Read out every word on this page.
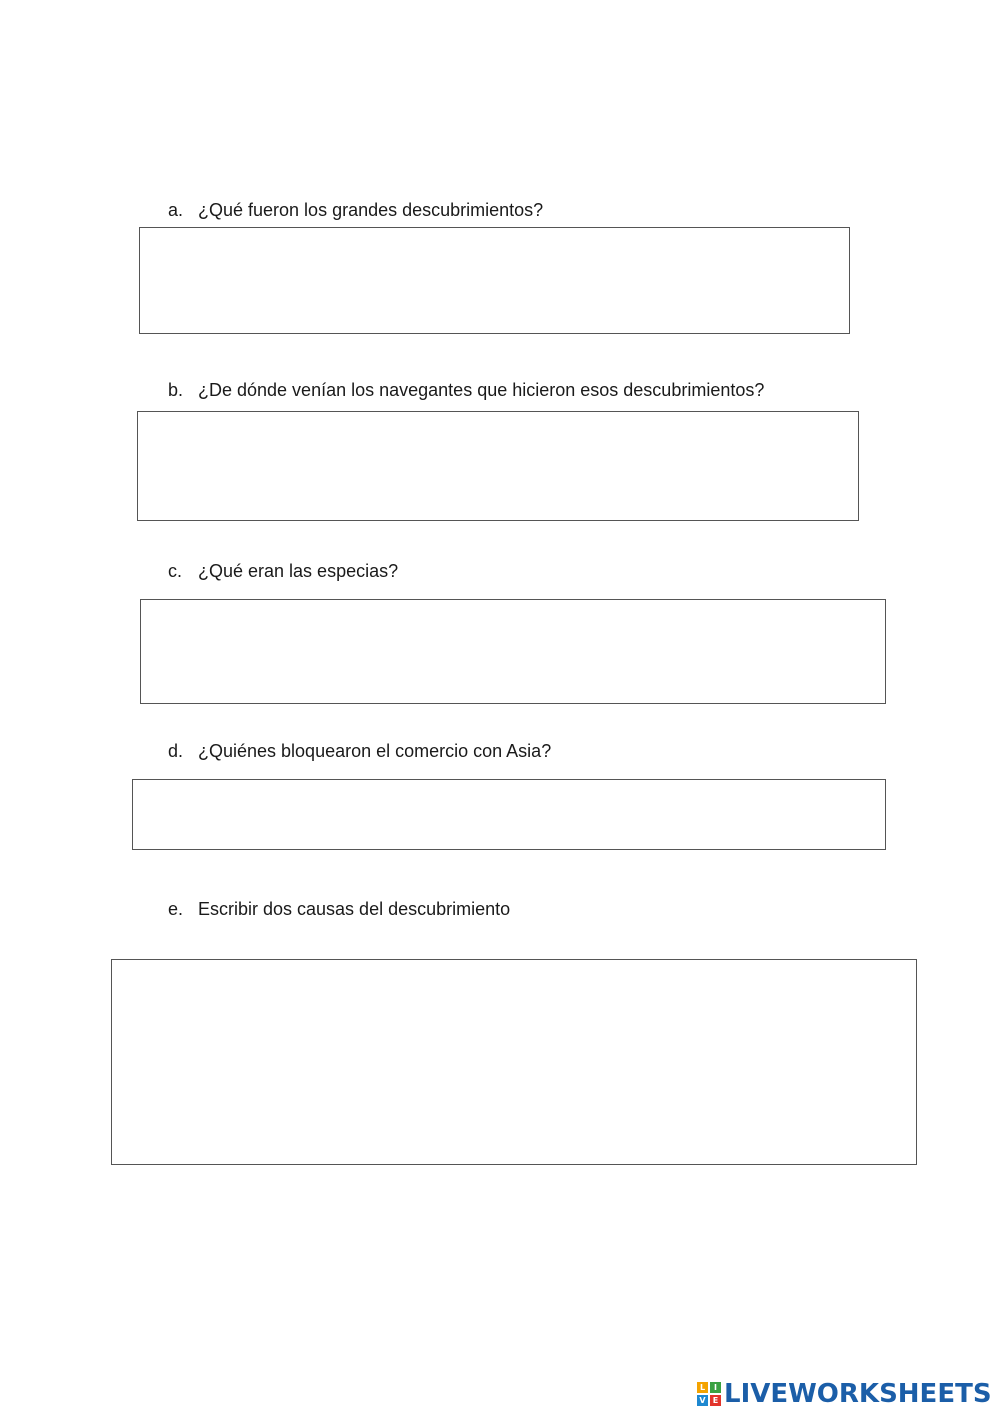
a. ¿Qué fueron los grandes descubrimientos?
b. ¿De dónde venían los navegantes que hicieron esos descubrimientos?
c. ¿Qué eran las especias?
d. ¿Quiénes bloquearon el comercio con Asia?
e. Escribir dos causas del descubrimiento
L	I
V E LIVEWORKSHEETS
